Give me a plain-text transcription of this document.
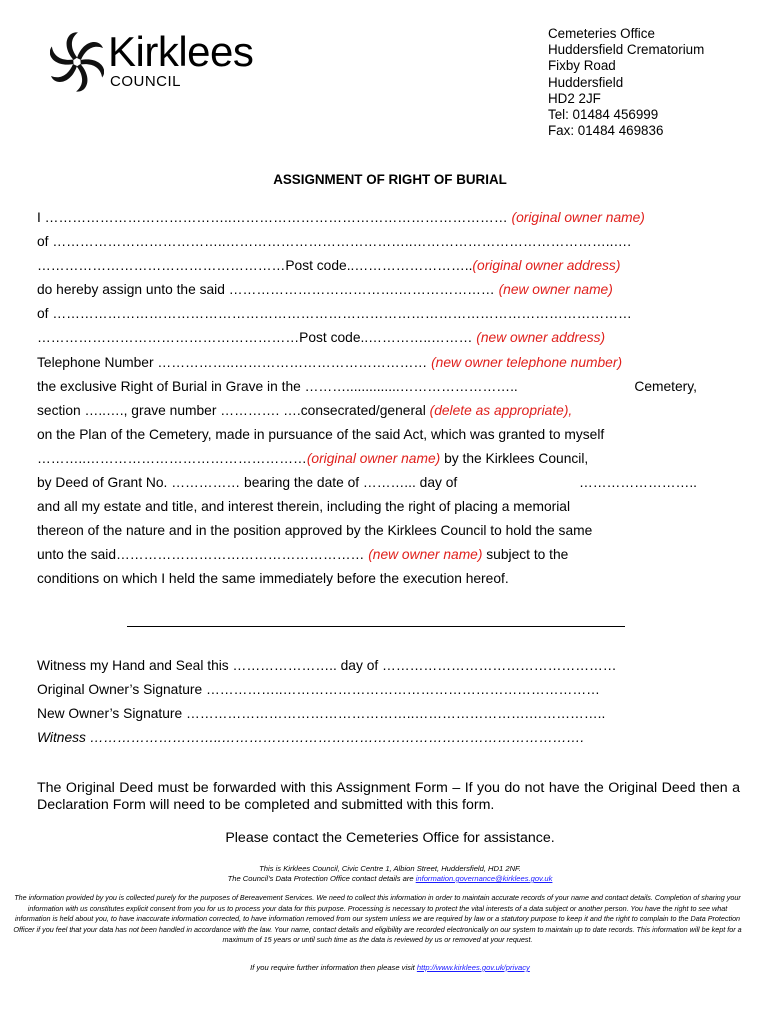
Kirklees
COUNCIL
Cemeteries Office
Huddersfield Crematorium
Fixby Road
Huddersfield
HD2 2JF
Tel: 01484 456999
Fax: 01484 469836
ASSIGNMENT OF RIGHT OF BURIAL
I …………………………………..…………………………………………………… (original owner name)
of ………………………………..…………………………………..……………………………………..….
………………………………………………Post code..……………………..(original owner address)
do hereby assign unto the said ……………………………….………………… (new owner name)
of ………………………………………………………………………………………………………………
…………………………………………………Post code..…………..……… (new owner address)
Telephone Number ……………..…………………………………… (new owner telephone number)
the exclusive Right of Burial in Grave in the ………..............……………………..	Cemetery,
section …..…., grave number …………. ….consecrated/general (delete as appropriate),
on the Plan of the Cemetery, made in pursuance of the said Act, which was granted to myself
………..…………………………………………(original owner name) by the Kirklees Council,
by Deed of Grant No. …………… bearing the date of ………... day of	……………………..
and all my estate and title, and interest therein, including the right of placing a memorial
thereon of the nature and in the position approved by the Kirklees Council to hold the same
unto the said……………………………………………… (new owner name) subject to the
conditions on which I held the same immediately before the execution hereof.
Witness my Hand and Seal this ………………….. day of ……………………………………………
Original Owner’s Signature ……………..……………………………………………………………
New Owner’s Signature …………………………………………..…………………….……………..
Witness ………………………..…………………………………………………………………….
The Original Deed must be forwarded with this Assignment Form – If you do not have the Original Deed then a Declaration Form will need to be completed and submitted with this form.
Please contact the Cemeteries Office for assistance.
This is Kirklees Council, Civic Centre 1, Albion Street, Huddersfield, HD1 2NF.
The Council’s Data Protection Office contact details are information.governance@kirklees.gov.uk
The information provided by you is collected purely for the purposes of Bereavement Services. We need to collect this information in order to maintain accurate records of your name and contact details. Completion of sharing your information with us constitutes explicit consent from you for us to process your data for this purpose. Processing is necessary to protect the vital interests of a data subject or another person. You have the right to see what information is held about you, to have inaccurate information corrected, to have information removed from our system unless we are required by law or a statutory purpose to keep it and the right to complain to the Data Protection Officer if you feel that your data has not been handled in accordance with the law. Your name, contact details and eligibility are recorded electronically on our system to maintain up to date records. This information will be kept for a maximum of 15 years or until such time as the data is reviewed by us or removed at your request.
If you require further information then please visit http://www.kirklees.gov.uk/privacy
